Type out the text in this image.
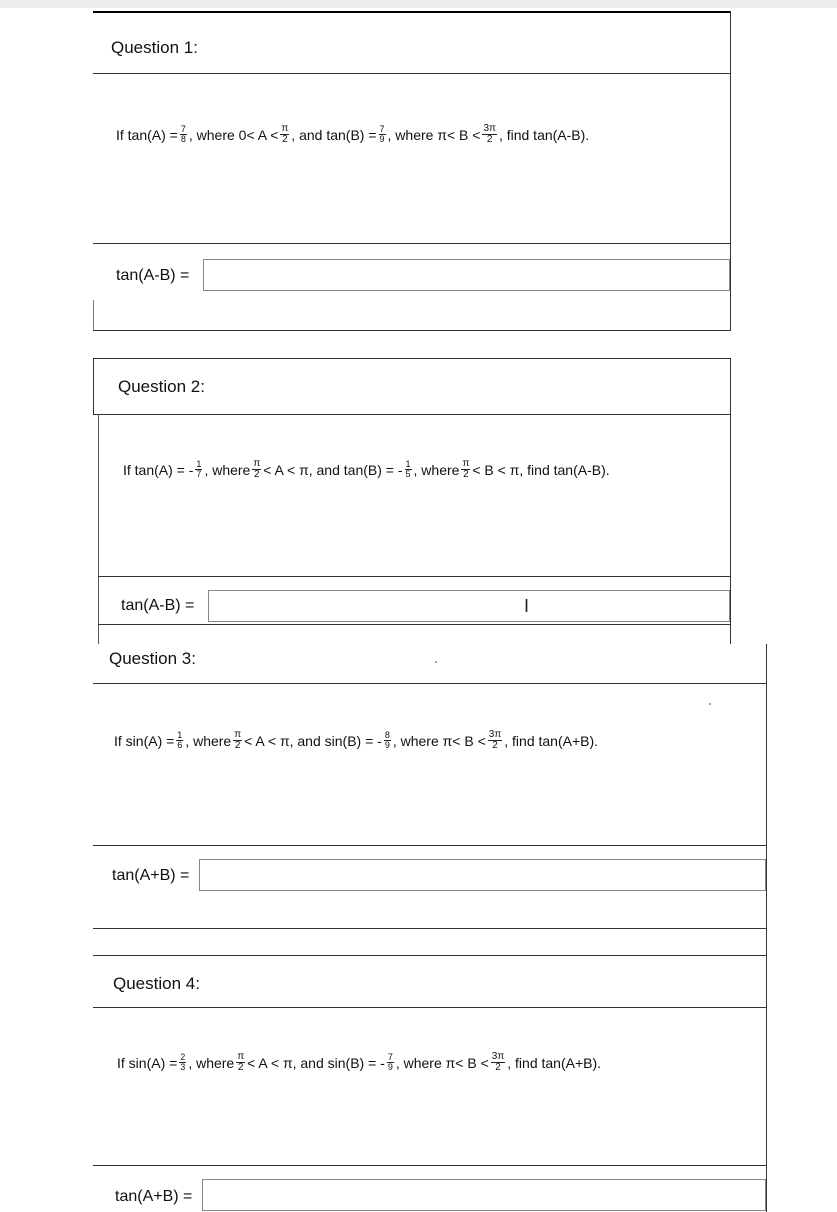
Question 1:
If $\tan(A) = \frac{7}{8}$ , where $0< A < \frac{\pi}{2}$ , and $\tan(B) = \frac{7}{9}$ , where $\pi< B < \frac{3\pi}{2}$ , find tan(A-B).
tan(A-B) =
Question 2:
If tan(A) = - $\frac{1}{7}$ , where $\frac{\pi}{2} < A < \pi$, and tan(B) = - $\frac{1}{5}$ , where $\frac{\pi}{2} < B < \pi$, find tan(A-B).
tan(A-B) =	I
Question 3:
If $\sin(A) = \frac{1}{6}$ , where $\frac{\pi}{2} < A < \pi$, and sin(B) = - $\frac{8}{9}$ , where $\pi< B < \frac{3\pi}{2}$ , find tan(A+B).
tan(A+B) =
Question 4:
If $\sin(A) = \frac{2}{3}$ , where $\frac{\pi}{2} < A < \pi$, and sin(B) = - $\frac{7}{9}$ , where $\pi< B < \frac{3\pi}{2}$ , find tan(A+B).
tan(A+B) =
